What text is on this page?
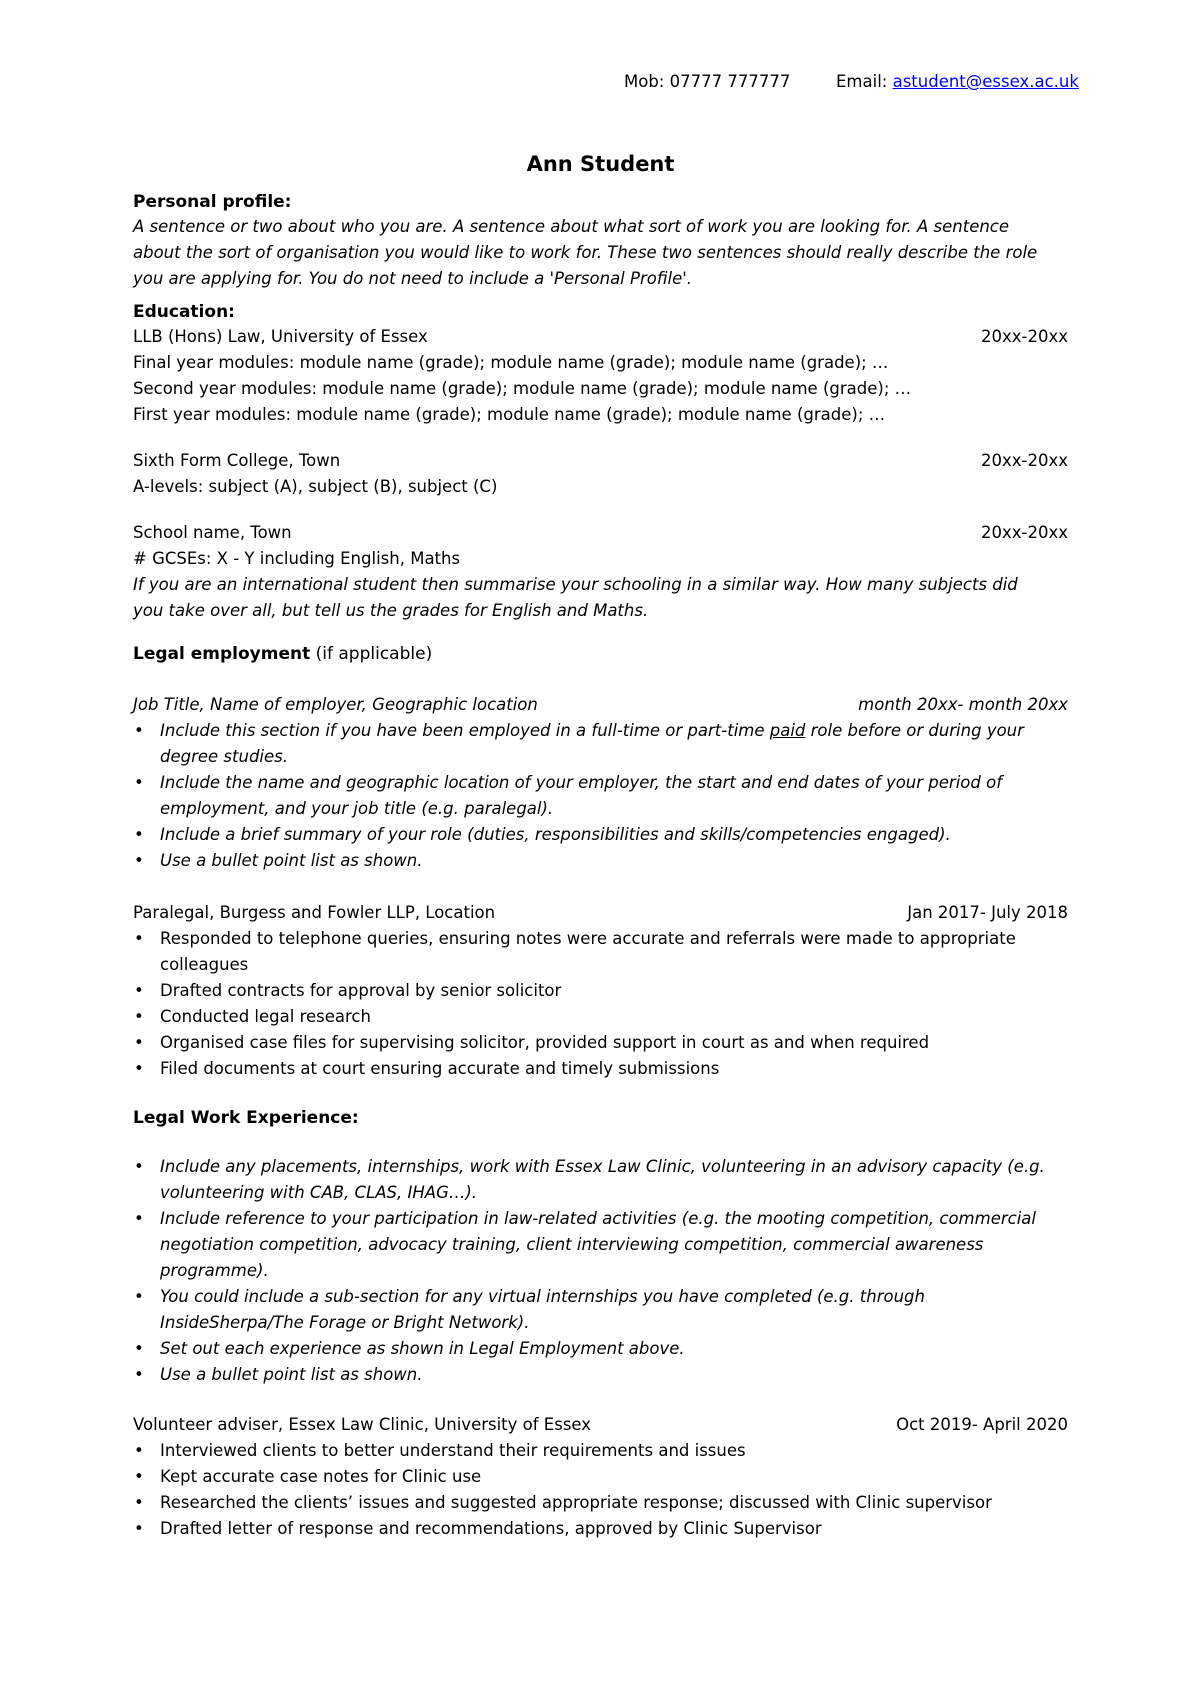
Mob: 07777 777777	Email: astudent@essex.ac.uk

Ann Student

Personal profile:

A sentence or two about who you are. A sentence about what sort of work you are looking for. A sentence

about the sort of organisation you would like to work for. These two sentences should really describe the role

you are applying for. You do not need to include a 'Personal Profile'.

Education:

LLB (Hons) Law, University of Essex	20xx-20xx

Final year modules: module name (grade); module name (grade); module name (grade); …

Second year modules: module name (grade); module name (grade); module name (grade); …

First year modules: module name (grade); module name (grade); module name (grade); …

Sixth Form College, Town	20xx-20xx

A-levels: subject (A), subject (B), subject (C)

School name, Town	20xx-20xx

# GCSEs: X - Y including English, Maths

If you are an international student then summarise your schooling in a similar way. How many subjects did

you take over all, but tell us the grades for English and Maths.

Legal employment (if applicable)

Job Title, Name of employer, Geographic location	month 20xx- month 20xx
• Include this section if you have been employed in a full-time or part-time paid role before or during your
degree studies.
• Include the name and geographic location of your employer, the start and end dates of your period of
employment, and your job title (e.g. paralegal).
• Include a brief summary of your role (duties, responsibilities and skills/competencies engaged).
• Use a bullet point list as shown.
Paralegal, Burgess and Fowler LLP, Location	Jan 2017- July 2018
• Responded to telephone queries, ensuring notes were accurate and referrals were made to appropriate
colleagues
• Drafted contracts for approval by senior solicitor
• Conducted legal research
• Organised case files for supervising solicitor, provided support in court as and when required
• Filed documents at court ensuring accurate and timely submissions

Legal Work Experience:

• Include any placements, internships, work with Essex Law Clinic, volunteering in an advisory capacity (e.g.
volunteering with CAB, CLAS, IHAG…).
• Include reference to your participation in law-related activities (e.g. the mooting competition, commercial
negotiation competition, advocacy training, client interviewing competition, commercial awareness
programme).
• You could include a sub-section for any virtual internships you have completed (e.g. through
InsideSherpa/The Forage or Bright Network).
• Set out each experience as shown in Legal Employment above.
• Use a bullet point list as shown.
Volunteer adviser, Essex Law Clinic, University of Essex	Oct 2019- April 2020
• Interviewed clients to better understand their requirements and issues
• Kept accurate case notes for Clinic use
• Researched the clients’ issues and suggested appropriate response; discussed with Clinic supervisor
• Drafted letter of response and recommendations, approved by Clinic Supervisor
